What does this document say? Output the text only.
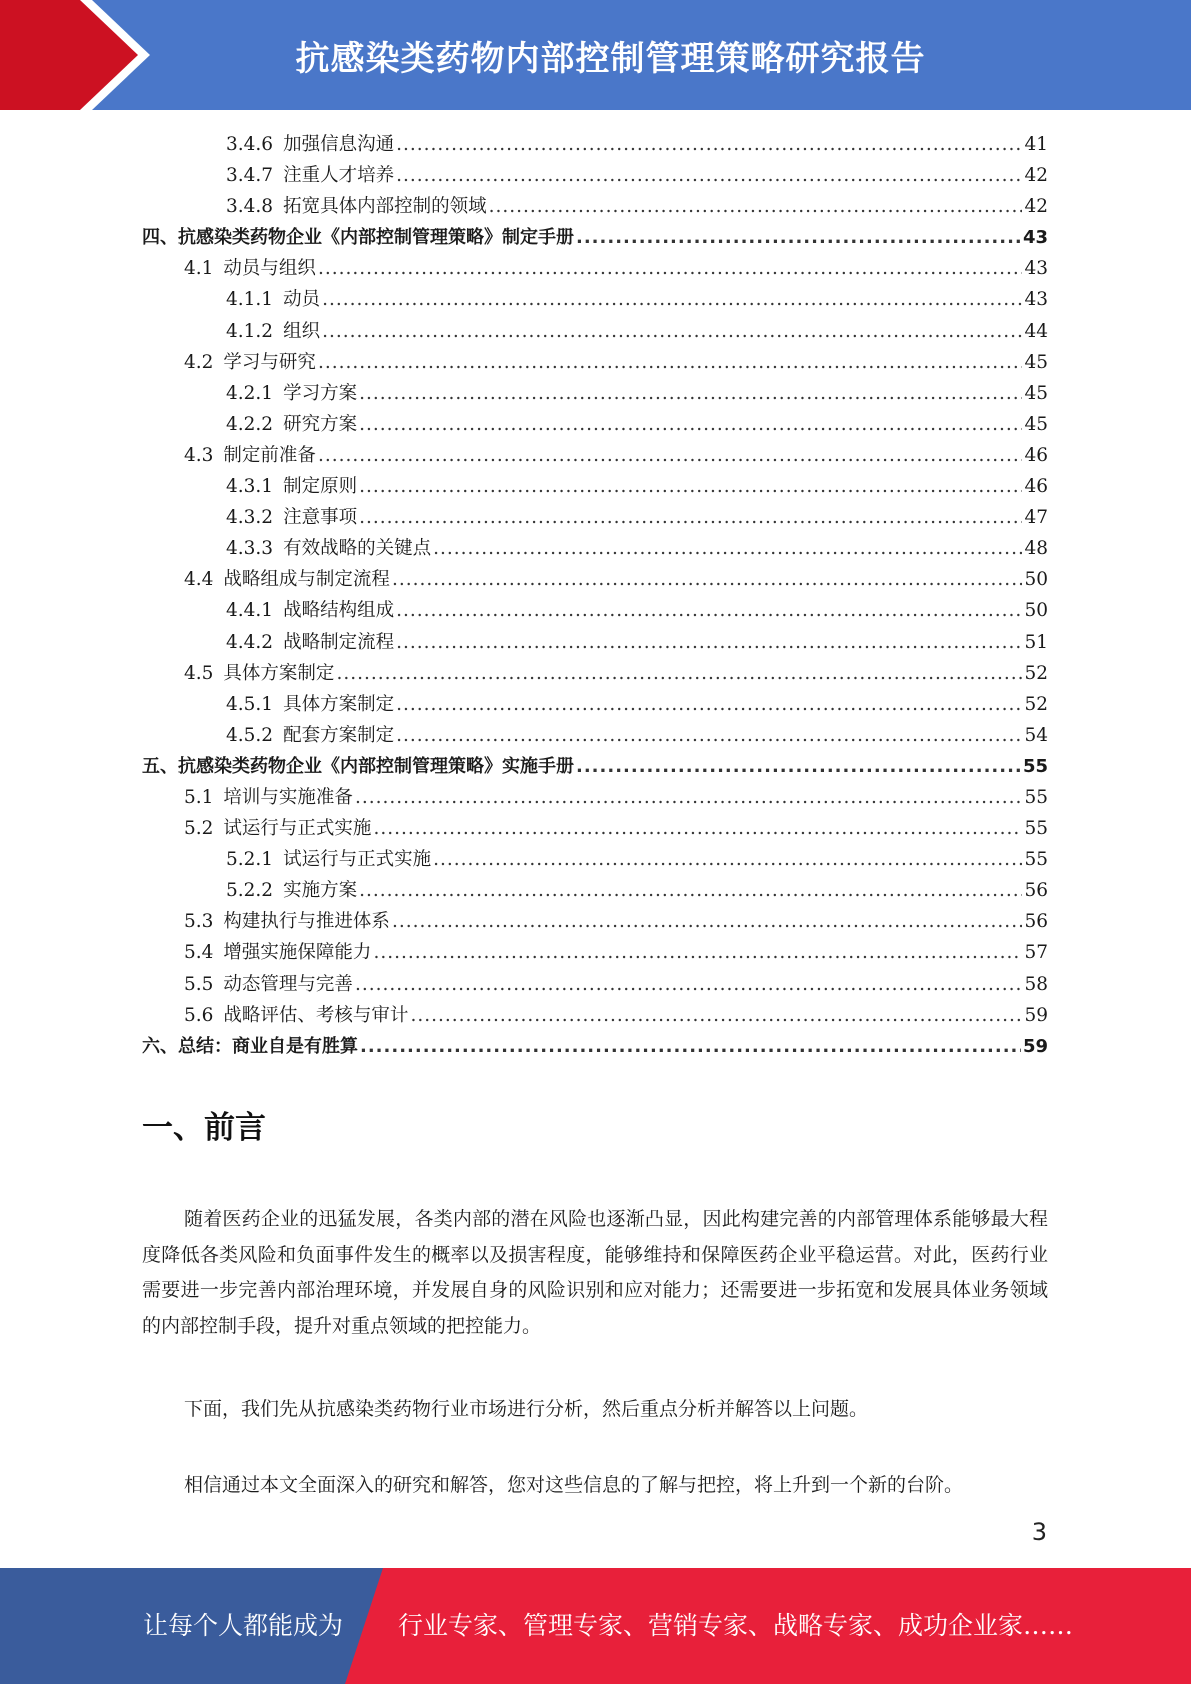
抗感染类药物内部控制管理策略研究报告
3.4.6 加强信息沟通 .....	41
3.4.7 注重人才培养 .....	42
3.4.8 拓宽具体内部控制的领域 .....	42
四、抗感染类药物企业《内部控制管理策略》制定手册 .....	43
4.1 动员与组织 .....	43
4.1.1 动员 .....	43
4.1.2 组织 .....	44
4.2 学习与研究 .....	45
4.2.1 学习方案 .....	45
4.2.2 研究方案 .....	45
4.3 制定前准备 .....	46
4.3.1 制定原则 .....	46
4.3.2 注意事项 .....	47
4.3.3 有效战略的关键点 .....	48
4.4 战略组成与制定流程 .....	50
4.4.1 战略结构组成 .....	50
4.4.2 战略制定流程 .....	51
4.5 具体方案制定 .....	52
4.5.1 具体方案制定 .....	52
4.5.2 配套方案制定 .....	54
五、抗感染类药物企业《内部控制管理策略》实施手册 .....	55
5.1 培训与实施准备 .....	55
5.2 试运行与正式实施 .....	55
5.2.1 试运行与正式实施 .....	55
5.2.2 实施方案 .....	56
5.3 构建执行与推进体系 .....	56
5.4 增强实施保障能力 .....	57
5.5 动态管理与完善 .....	58
5.6 战略评估、考核与审计 .....	59
六、总结：商业自是有胜算 .....	59
一、前言

随着医药企业的迅猛发展，各类内部的潜在风险也逐渐凸显，因此构建完善的内部管理体系能够最大程度降低各类风险和负面事件发生的概率以及损害程度，能够维持和保障医药企业平稳运营。对此，医药行业需要进一步完善内部治理环境，并发展自身的风险识别和应对能力；还需要进一步拓宽和发展具体业务领域的内部控制手段，提升对重点领域的把控能力。

下面，我们先从抗感染类药物行业市场进行分析，然后重点分析并解答以上问题。

相信通过本文全面深入的研究和解答，您对这些信息的了解与把控，将上升到一个新的台阶。

3
让每个人都能成为 行业专家、管理专家、营销专家、战略专家、成功企业家……
